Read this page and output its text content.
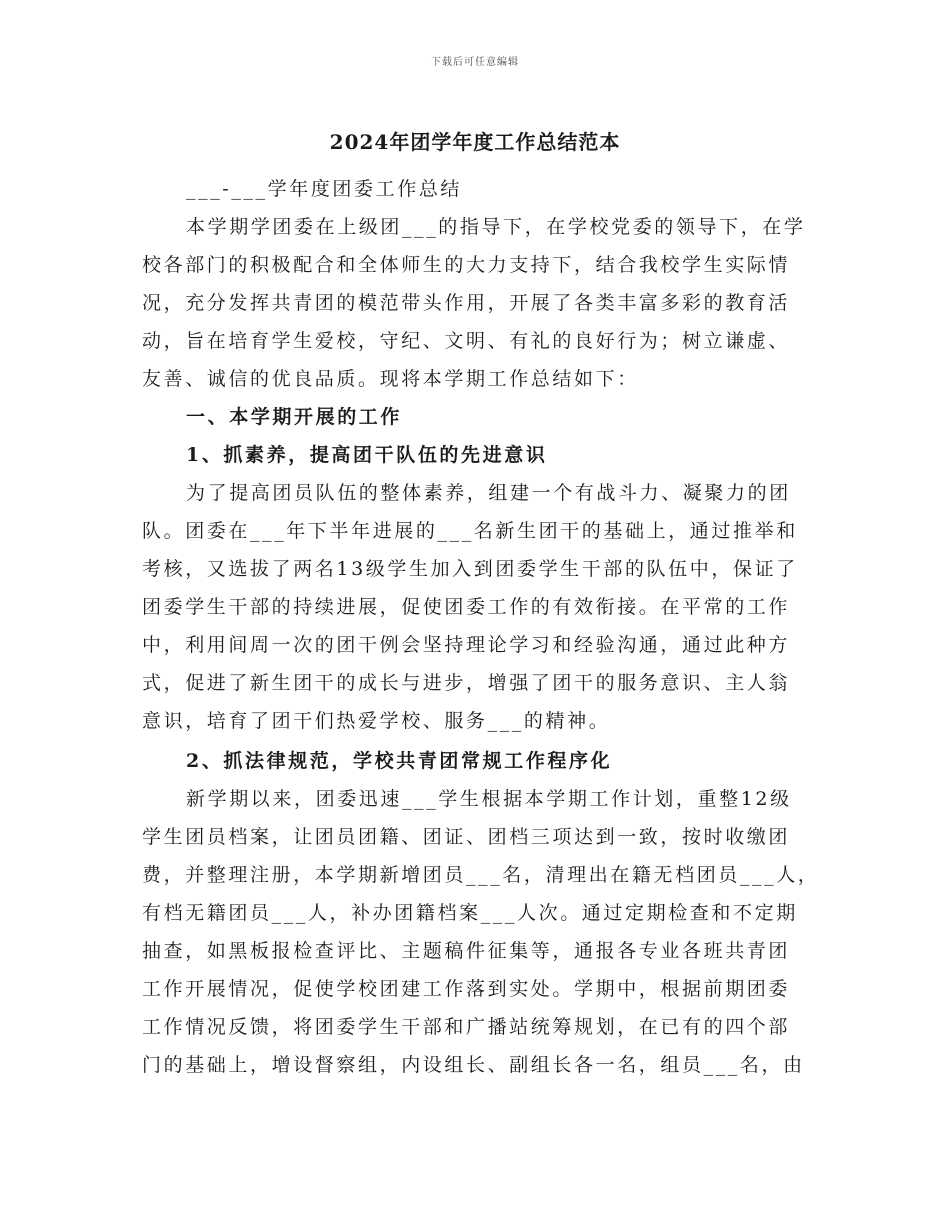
下载后可任意编辑
2024年团学年度工作总结范本
___-___学年度团委工作总结
本学期学团委在上级团___的指导下，在学校党委的领导下，在学
校各部门的积极配合和全体师生的大力支持下，结合我校学生实际情
况，充分发挥共青团的模范带头作用，开展了各类丰富多彩的教育活
动，旨在培育学生爱校，守纪、文明、有礼的良好行为；树立谦虚、
友善、诚信的优良品质。现将本学期工作总结如下：
一、本学期开展的工作
1、抓素养，提高团干队伍的先进意识
为了提高团员队伍的整体素养，组建一个有战斗力、凝聚力的团
队。团委在___年下半年进展的___名新生团干的基础上，通过推举和
考核，又选拔了两名13级学生加入到团委学生干部的队伍中，保证了
团委学生干部的持续进展，促使团委工作的有效衔接。在平常的工作
中，利用间周一次的团干例会坚持理论学习和经验沟通，通过此种方
式，促进了新生团干的成长与进步，增强了团干的服务意识、主人翁
意识，培育了团干们热爱学校、服务___的精神。
2、抓法律规范，学校共青团常规工作程序化
新学期以来，团委迅速___学生根据本学期工作计划，重整12级
学生团员档案，让团员团籍、团证、团档三项达到一致，按时收缴团
费，并整理注册，本学期新增团员___名，清理出在籍无档团员___人，
有档无籍团员___人，补办团籍档案___人次。通过定期检查和不定期
抽查，如黑板报检查评比、主题稿件征集等，通报各专业各班共青团
工作开展情况，促使学校团建工作落到实处。学期中，根据前期团委
工作情况反馈，将团委学生干部和广播站统筹规划，在已有的四个部
门的基础上，增设督察组，内设组长、副组长各一名，组员___名，由
